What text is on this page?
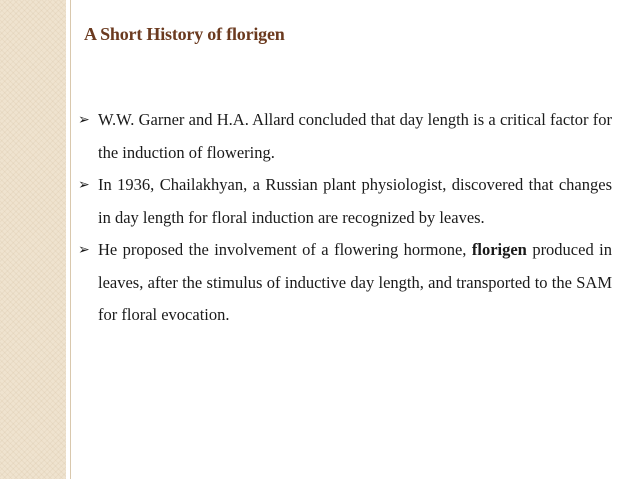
A Short History of florigen
➢ W.W. Garner and H.A. Allard concluded that day length is a critical factor for the induction of flowering.
➢ In 1936, Chailakhyan, a Russian plant physiologist, discovered that changes in day length for floral induction are recognized by leaves.
➢ He proposed the involvement of a flowering hormone, florigen produced in leaves, after the stimulus of inductive day length, and transported to the SAM for floral evocation.
